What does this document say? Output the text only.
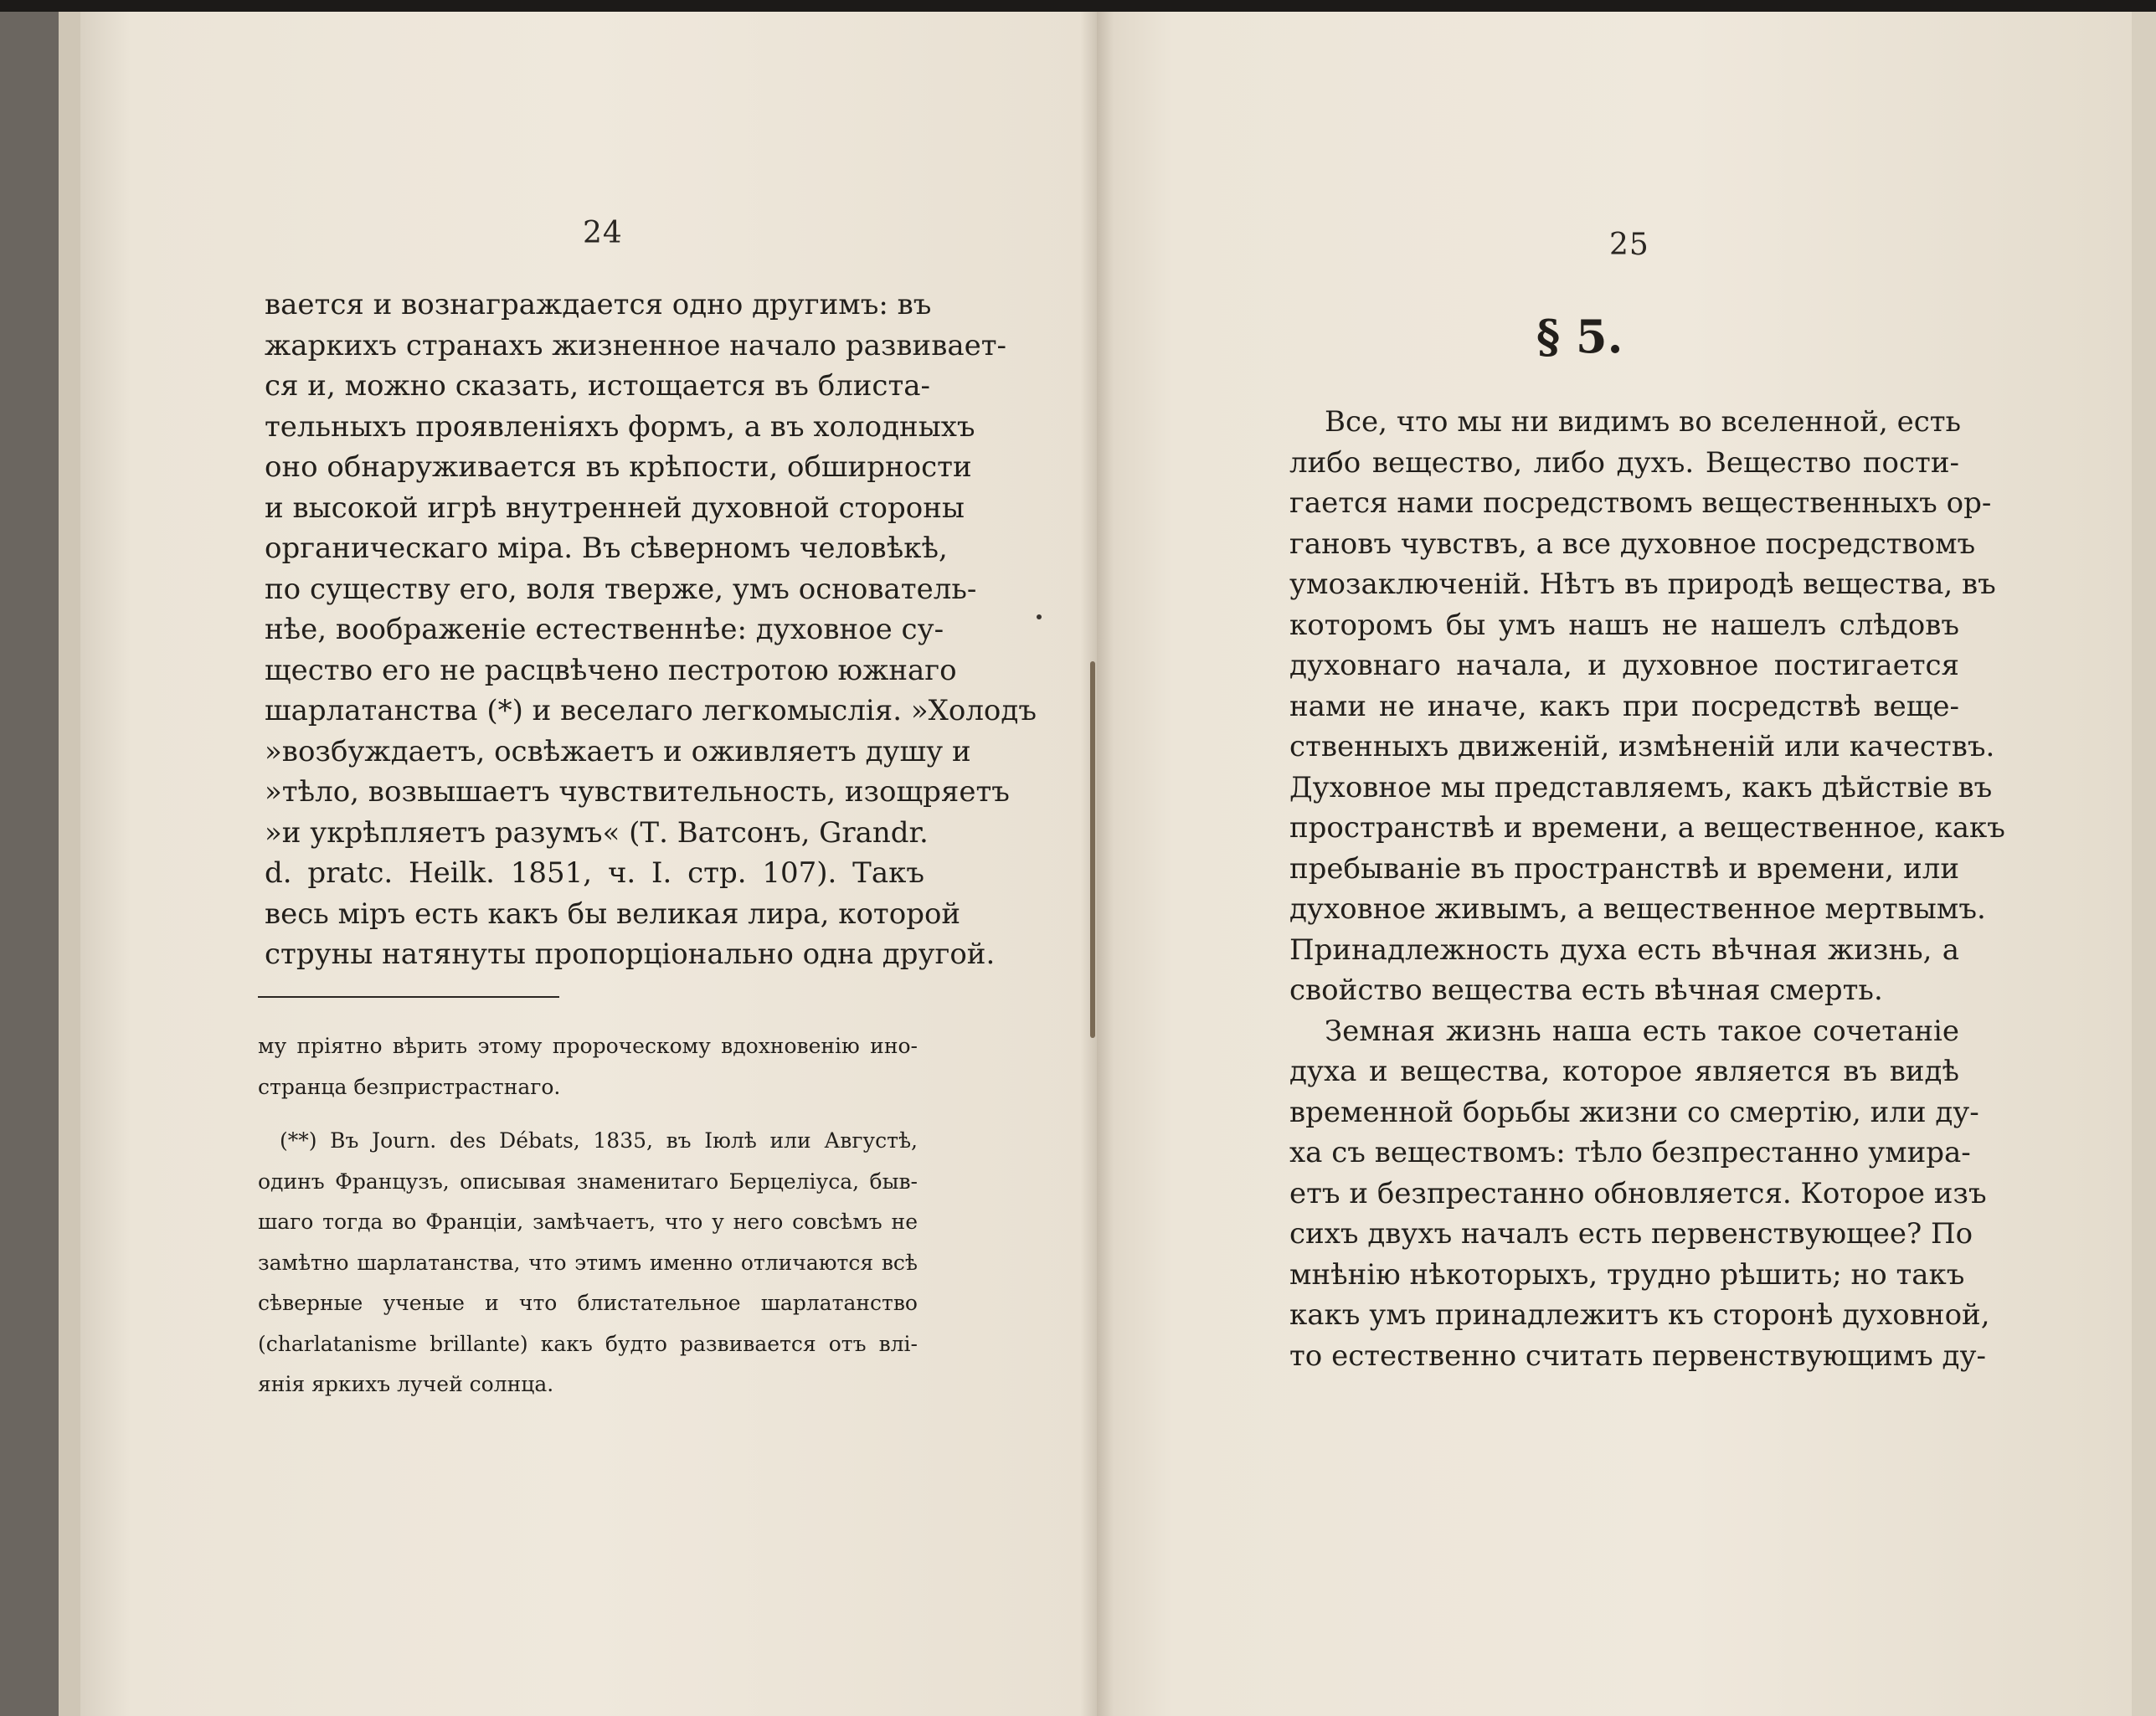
24
вается и вознаграждается одно другимъ: въ
жаркихъ странахъ жизненное начало развивает-
ся и, можно сказать, истощается въ блиста-
тельныхъ проявленіяхъ формъ, а въ холодныхъ
оно обнаруживается въ крѣпости, обширности
и высокой игрѣ внутренней духовной стороны
органическаго міра. Въ сѣверномъ человѣкѣ,
по существу его, воля тверже, умъ основатель-
нѣе, воображеніе естественнѣе: духовное су-
щество его не расцвѣчено пестротою южнаго
шарлатанства (*) и веселаго легкомыслія. »Холодъ
»возбуждаетъ, освѣжаетъ и оживляетъ душу и
»тѣло, возвышаетъ чувствительность, изощряетъ
»и укрѣпляетъ разумъ« (Т. Ватсонъ, Grandr.
d. pratc. Heilk. 1851, ч. I. стр. 107). Такъ
весь міръ есть какъ бы великая лира, которой
струны натянуты пропорціонально одна другой.
му пріятно вѣрить этому пророческому вдохновенію ино-
странца безпристрастнаго.
(**) Въ Journ. des Débats, 1835, въ Іюлѣ или Августѣ,
одинъ Французъ, описывая знаменитаго Берцеліуса, быв-
шаго тогда во Франціи, замѣчаетъ, что у него совсѣмъ не
замѣтно шарлатанства, что этимъ именно отличаются всѣ
сѣверные ученые и что блистательное шарлатанство
(charlatanisme brillante) какъ будто развивается отъ влі-
янія яркихъ лучей солнца.
25
§ 5.
Все, что мы ни видимъ во вселенной, есть
либо вещество, либо духъ. Вещество пости-
гается нами посредствомъ вещественныхъ ор-
гановъ чувствъ, а все духовное посредствомъ
умозаключеній. Нѣтъ въ природѣ вещества, въ
которомъ бы умъ нашъ не нашелъ слѣдовъ
духовнаго начала, и духовное постигается
нами не иначе, какъ при посредствѣ веще-
ственныхъ движеній, измѣненій или качествъ.
Духовное мы представляемъ, какъ дѣйствіе въ
пространствѣ и времени, а вещественное, какъ
пребываніе въ пространствѣ и времени, или
духовное живымъ, а вещественное мертвымъ.
Принадлежность духа есть вѣчная жизнь, а
свойство вещества есть вѣчная смерть.
Земная жизнь наша есть такое сочетаніе
духа и вещества, которое является въ видѣ
временной борьбы жизни со смертію, или ду-
ха съ веществомъ: тѣло безпрестанно умира-
етъ и безпрестанно обновляется. Которое изъ
сихъ двухъ началъ есть первенствующее? По
мнѣнію нѣкоторыхъ, трудно рѣшить; но такъ
какъ умъ принадлежитъ къ сторонѣ духовной,
то естественно считать первенствующимъ ду-
